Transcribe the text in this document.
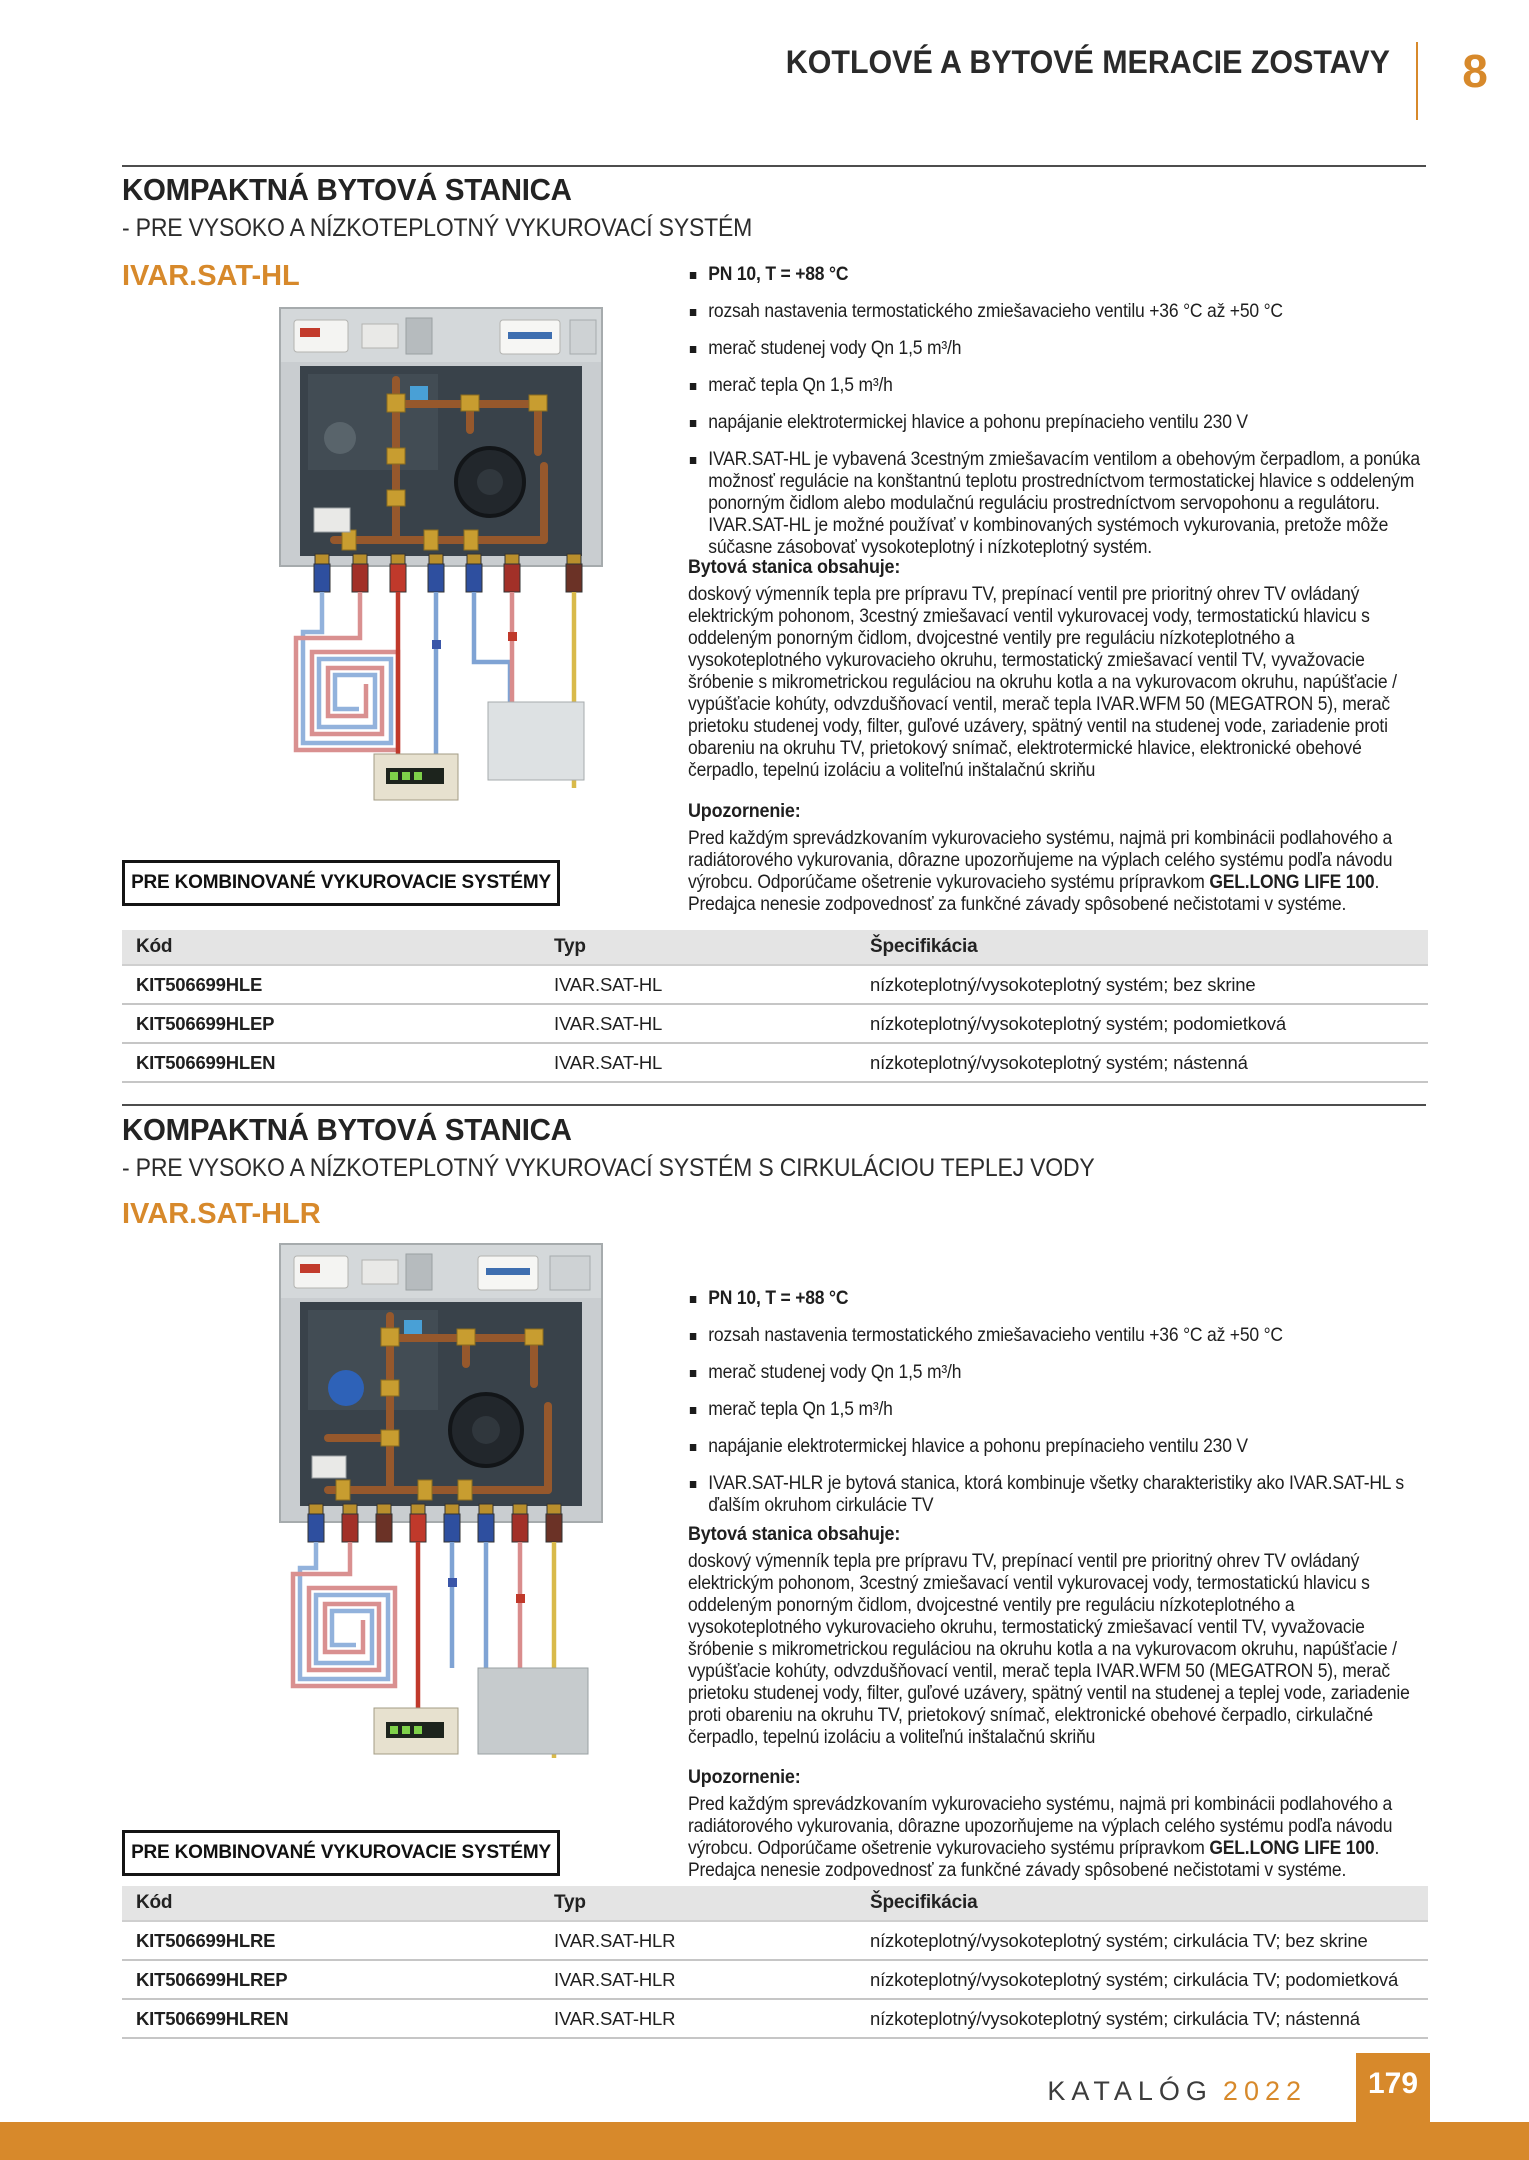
KOTLOVÉ A BYTOVÉ MERACIE ZOSTAVY	8
KOMPAKTNÁ BYTOVÁ STANICA
- PRE VYSOKO A NÍZKOTEPLOTNÝ VYKUROVACÍ SYSTÉM
IVAR.SAT-HL	PN 10, T = +88 °C
rozsah nastavenia termostatického zmiešavacieho ventilu +36 °C až +50 °C
merač studenej vody Qn 1,5 m³/h
merač tepla Qn 1,5 m³/h
napájanie elektrotermickej hlavice a pohonu prepínacieho ventilu 230 V
IVAR.SAT-HL je vybavená 3cestným zmiešavacím ventilom a obehovým čerpadlom, a ponúka možnosť regulácie na konštantnú teplotu prostredníctvom termostatickej hlavice s oddeleným ponorným čidlom alebo modulačnú reguláciu prostredníctvom servopohonu a regulátoru. IVAR.SAT-HL je možné používať v kombinovaných systémoch vykurovania, pretože môže súčasne zásobovať vysokoteplotný i nízkoteplotný systém.
Bytová stanica obsahuje:

doskový výmenník tepla pre prípravu TV, prepínací ventil pre prioritný ohrev TV ovládaný elektrickým pohonom, 3cestný zmiešavací ventil vykurovacej vody, termostatickú hlavicu s oddeleným ponorným čidlom, dvojcestné ventily pre reguláciu nízkoteplotného a vysokoteplotného vykurovacieho okruhu, termostatický zmiešavací ventil TV, vyvažovacie šróbenie s mikrometrickou reguláciou na okruhu kotla a na vykurovacom okruhu, napúšťacie / vypúšťacie kohúty, odvzdušňovací ventil, merač tepla IVAR.WFM 50 (MEGATRON 5), merač prietoku studenej vody, filter, guľové uzávery, spätný ventil na studenej vode, zariadenie proti obareniu na okruhu TV, prietokový snímač, elektrotermické hlavice, elektronické obehové čerpadlo, tepelnú izoláciu a voliteľnú inštalačnú skriňu

Upozornenie:

Pred každým sprevádzkovaním vykurovacieho systému, najmä pri kombinácii podlahového a radiátorového vykurovania, dôrazne upozorňujeme na výplach celého systému podľa návodu výrobcu. Odporúčame ošetrenie vykurovacieho systému prípravkom GEL.LONG LIFE 100. Predajca nenesie zodpovednosť za funkčné závady spôsobené nečistotami v systéme.

PRE KOMBINOVANÉ VYKUROVACIE SYSTÉMY
Kód	Typ	Špecifikácia
KIT506699HLE	IVAR.SAT-HL	nízkoteplotný/vysokoteplotný systém; bez skrine
KIT506699HLEP	IVAR.SAT-HL	nízkoteplotný/vysokoteplotný systém; podomietková
KIT506699HLEN	IVAR.SAT-HL	nízkoteplotný/vysokoteplotný systém; nástenná
KOMPAKTNÁ BYTOVÁ STANICA
- PRE VYSOKO A NÍZKOTEPLOTNÝ VYKUROVACÍ SYSTÉM S CIRKULÁCIOU TEPLEJ VODY
IVAR.SAT-HLR
PN 10, T = +88 °C
rozsah nastavenia termostatického zmiešavacieho ventilu +36 °C až +50 °C
merač studenej vody Qn 1,5 m³/h
merač tepla Qn 1,5 m³/h
napájanie elektrotermickej hlavice a pohonu prepínacieho ventilu 230 V
IVAR.SAT-HLR je bytová stanica, ktorá kombinuje všetky charakteristiky ako IVAR.SAT-HL s ďalším okruhom cirkulácie TV
Bytová stanica obsahuje:

doskový výmenník tepla pre prípravu TV, prepínací ventil pre prioritný ohrev TV ovládaný elektrickým pohonom, 3cestný zmiešavací ventil vykurovacej vody, termostatickú hlavicu s oddeleným ponorným čidlom, dvojcestné ventily pre reguláciu nízkoteplotného a vysokoteplotného vykurovacieho okruhu, termostatický zmiešavací ventil TV, vyvažovacie šróbenie s mikrometrickou reguláciou na okruhu kotla a na vykurovacom okruhu, napúšťacie / vypúšťacie kohúty, odvzdušňovací ventil, merač tepla IVAR.WFM 50 (MEGATRON 5), merač prietoku studenej vody, filter, guľové uzávery, spätný ventil na studenej a teplej vode, zariadenie proti obareniu na okruhu TV, prietokový snímač, elektronické obehové čerpadlo, cirkulačné čerpadlo, tepelnú izoláciu a voliteľnú inštalačnú skriňu

Upozornenie:

Pred každým sprevádzkovaním vykurovacieho systému, najmä pri kombinácii podlahového a radiátorového vykurovania, dôrazne upozorňujeme na výplach celého systému podľa návodu výrobcu. Odporúčame ošetrenie vykurovacieho systému prípravkom GEL.LONG LIFE 100. Predajca nenesie zodpovednosť za funkčné závady spôsobené nečistotami v systéme.

PRE KOMBINOVANÉ VYKUROVACIE SYSTÉMY
Kód	Typ	Špecifikácia
KIT506699HLRE	IVAR.SAT-HLR	nízkoteplotný/vysokoteplotný systém; cirkulácia TV; bez skrine
KIT506699HLREP	IVAR.SAT-HLR	nízkoteplotný/vysokoteplotný systém; cirkulácia TV; podomietková
KIT506699HLREN	IVAR.SAT-HLR	nízkoteplotný/vysokoteplotný systém; cirkulácia TV; nástenná
KATALÓG 2022	179
